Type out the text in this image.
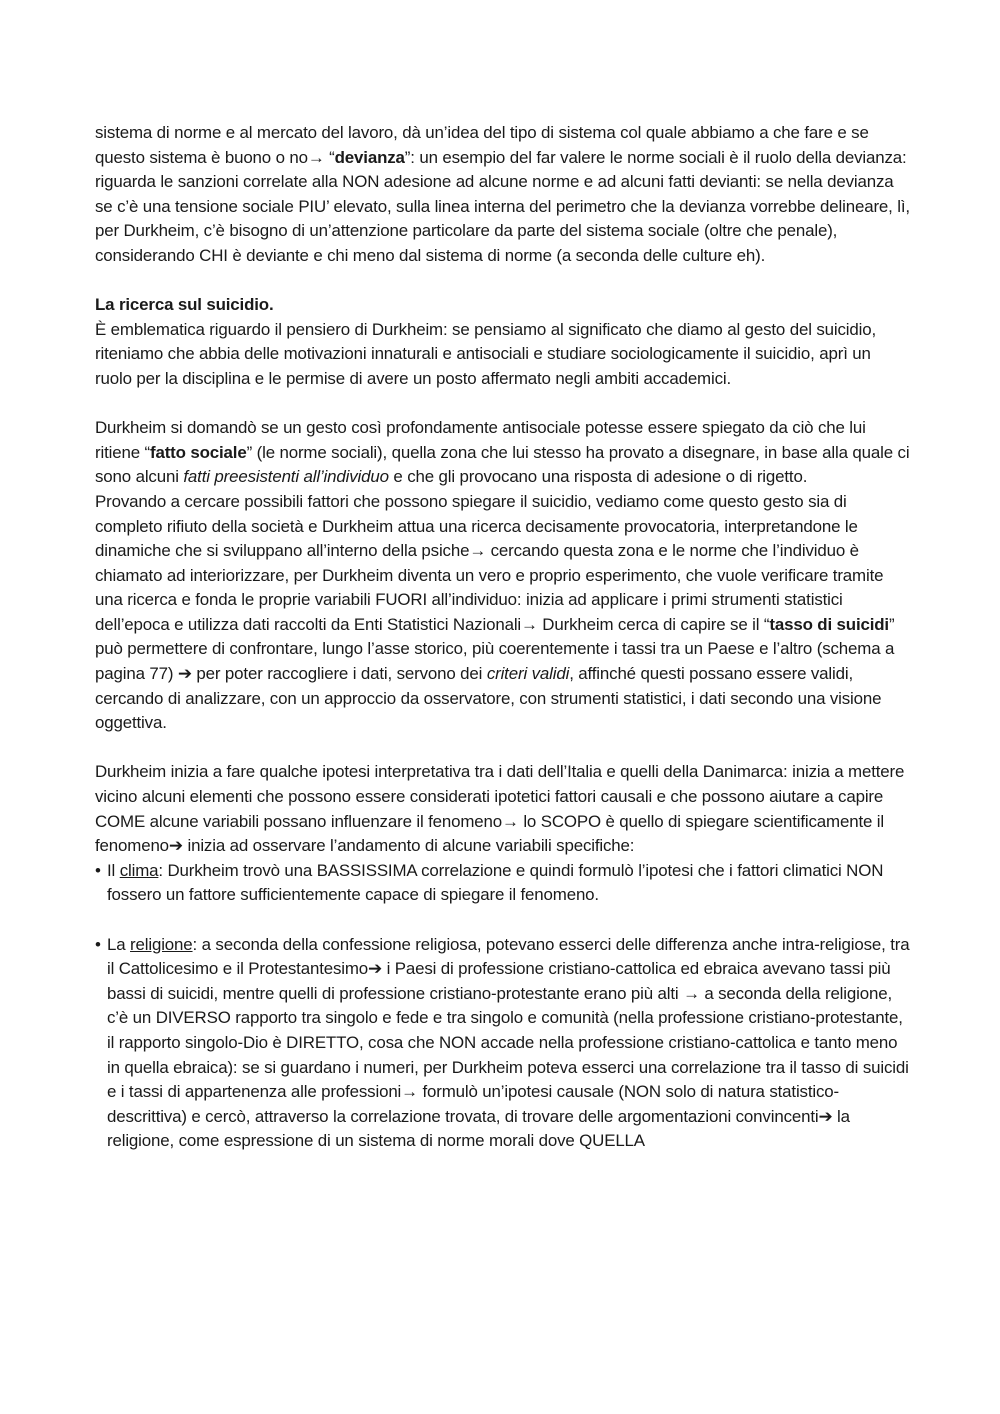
sistema di norme e al mercato del lavoro, dà un’idea del tipo di sistema col quale abbiamo a che fare e se questo sistema è buono o no→ “devianza”: un esempio del far valere le norme sociali è il ruolo della devianza: riguarda le sanzioni correlate alla NON adesione ad alcune norme e ad alcuni fatti devianti: se nella devianza se c’è una tensione sociale PIU’ elevato, sulla linea interna del perimetro che la devianza vorrebbe delineare, lì, per Durkheim, c’è bisogno di un’attenzione particolare da parte del sistema sociale (oltre che penale), considerando CHI è deviante e chi meno dal sistema di norme (a seconda delle culture eh).

La ricerca sul suicidio.

È emblematica riguardo il pensiero di Durkheim: se pensiamo al significato che diamo al gesto del suicidio, riteniamo che abbia delle motivazioni innaturali e antisociali e studiare sociologicamente il suicidio, aprì un ruolo per la disciplina e le permise di avere un posto affermato negli ambiti accademici.

Durkheim si domandò se un gesto così profondamente antisociale potesse essere spiegato da ciò che lui ritiene “fatto sociale” (le norme sociali), quella zona che lui stesso ha provato a disegnare, in base alla quale ci sono alcuni fatti preesistenti all’individuo e che gli provocano una risposta di adesione o di rigetto.

Provando a cercare possibili fattori che possono spiegare il suicidio, vediamo come questo gesto sia di completo rifiuto della società e Durkheim attua una ricerca decisamente provocatoria, interpretandone le dinamiche che si sviluppano all’interno della psiche→ cercando questa zona e le norme che l’individuo è chiamato ad interiorizzare, per Durkheim diventa un vero e proprio esperimento, che vuole verificare tramite una ricerca e fonda le proprie variabili FUORI all’individuo: inizia ad applicare i primi strumenti statistici dell’epoca e utilizza dati raccolti da Enti Statistici Nazionali→ Durkheim cerca di capire se il “tasso di suicidi” può permettere di confrontare, lungo l’asse storico, più coerentemente i tassi tra un Paese e l’altro (schema a pagina 77) ➔ per poter raccogliere i dati, servono dei criteri validi, affinché questi possano essere validi, cercando di analizzare, con un approccio da osservatore, con strumenti statistici, i dati secondo una visione oggettiva.

Durkheim inizia a fare qualche ipotesi interpretativa tra i dati dell’Italia e quelli della Danimarca: inizia a mettere vicino alcuni elementi che possono essere considerati ipotetici fattori causali e che possono aiutare a capire COME alcune variabili possano influenzare il fenomeno→ lo SCOPO è quello di spiegare scientificamente il fenomeno➔ inizia ad osservare l’andamento di alcune variabili specifiche:

• Il clima: Durkheim trovò una BASSISSIMA correlazione e quindi formulò l’ipotesi che i fattori climatici NON fossero un fattore sufficientemente capace di spiegare il fenomeno.

• La religione: a seconda della confessione religiosa, potevano esserci delle differenza anche intra-religiose, tra il Cattolicesimo e il Protestantesimo➔ i Paesi di professione cristiano-cattolica ed ebraica avevano tassi più bassi di suicidi, mentre quelli di professione cristiano-protestante erano più alti → a seconda della religione, c’è un DIVERSO rapporto tra singolo e fede e tra singolo e comunità (nella professione cristiano-protestante, il rapporto singolo-Dio è DIRETTO, cosa che NON accade nella professione cristiano-cattolica e tanto meno in quella ebraica): se si guardano i numeri, per Durkheim poteva esserci una correlazione tra il tasso di suicidi e i tassi di appartenenza alle professioni→ formulò un’ipotesi causale (NON solo di natura statistico-descrittiva) e cercò, attraverso la correlazione trovata, di trovare delle argomentazioni convincenti➔ la religione, come espressione di un sistema di norme morali dove QUELLA
